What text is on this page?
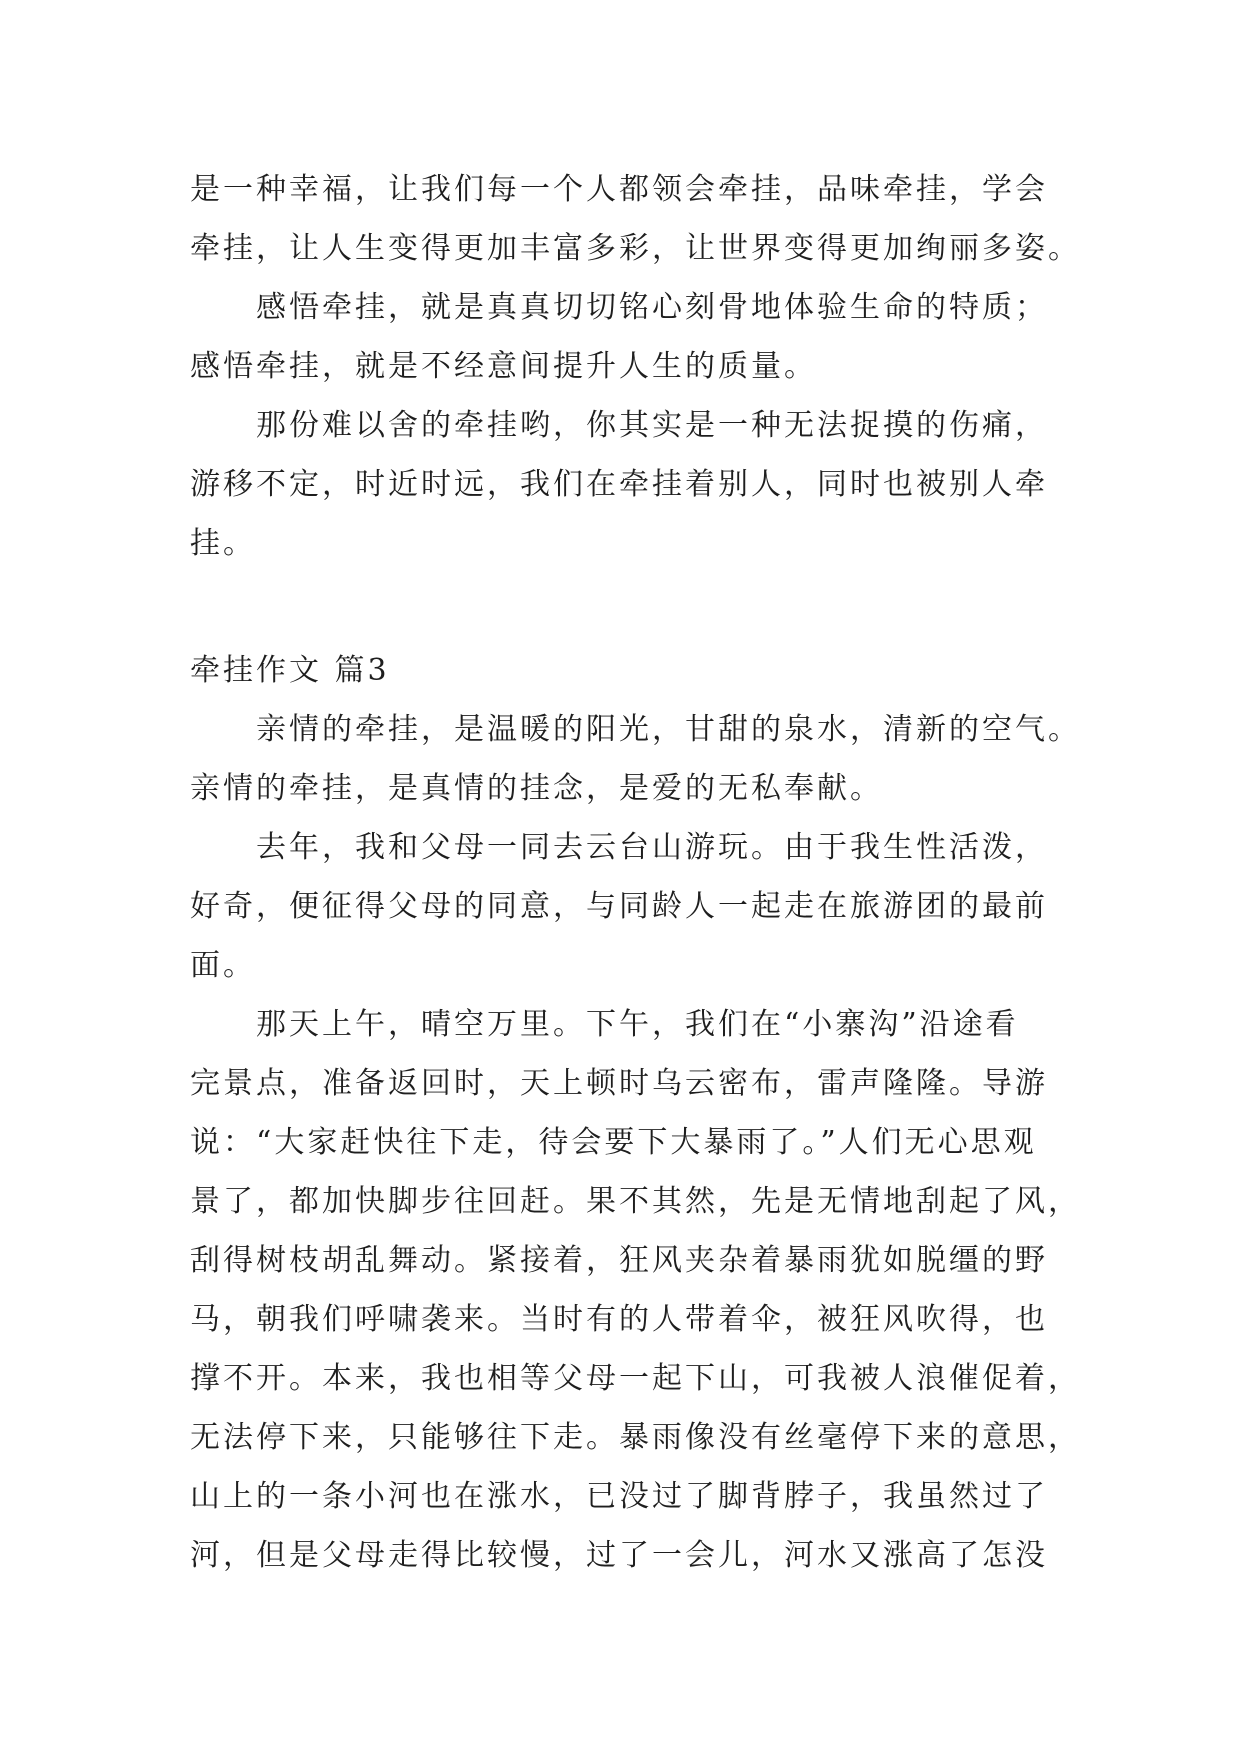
是一种幸福，让我们每一个人都领会牵挂，品味牵挂，学会
牵挂，让人生变得更加丰富多彩，让世界变得更加绚丽多姿。
感悟牵挂，就是真真切切铭心刻骨地体验生命的特质；
感悟牵挂，就是不经意间提升人生的质量。
那份难以舍的牵挂哟，你其实是一种无法捉摸的伤痛，
游移不定，时近时远，我们在牵挂着别人，同时也被别人牵
挂。
牵挂作文 篇3
亲情的牵挂，是温暖的阳光，甘甜的泉水，清新的空气。
亲情的牵挂，是真情的挂念，是爱的无私奉献。
去年，我和父母一同去云台山游玩。由于我生性活泼，
好奇，便征得父母的同意，与同龄人一起走在旅游团的最前
面。
那天上午，晴空万里。下午，我们在“小寨沟”沿途看
完景点，准备返回时，天上顿时乌云密布，雷声隆隆。导游
说：“大家赶快往下走，待会要下大暴雨了。”人们无心思观
景了，都加快脚步往回赶。果不其然，先是无情地刮起了风，
刮得树枝胡乱舞动。紧接着，狂风夹杂着暴雨犹如脱缰的野
马，朝我们呼啸袭来。当时有的人带着伞，被狂风吹得，也
撑不开。本来，我也相等父母一起下山，可我被人浪催促着，
无法停下来，只能够往下走。暴雨像没有丝毫停下来的意思，
山上的一条小河也在涨水，已没过了脚背脖子，我虽然过了
河，但是父母走得比较慢，过了一会儿，河水又涨高了怎没
